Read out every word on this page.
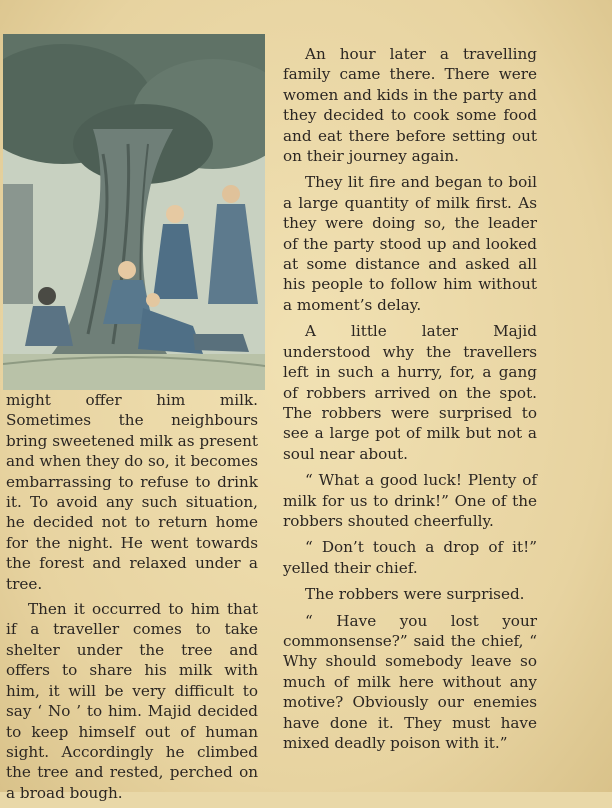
might offer him milk. Sometimes the neighbours bring sweetened milk as present and when they do so, it becomes embarrassing to refuse to drink it. To avoid any such situation, he decided not to return home for the night. He went towards the forest and relaxed under a tree.

Then it occurred to him that if a traveller comes to take shelter under the tree and offers to share his milk with him, it will be very difficult to say ‘ No ’ to him. Majid decided to keep himself out of human sight. Accordingly he climbed the tree and rested, perched on a broad bough.

An hour later a travelling family came there. There were women and kids in the party and they decided to cook some food and eat there before setting out on their journey again.

They lit fire and began to boil a large quantity of milk first. As they were doing so, the leader of the party stood up and looked at some distance and asked all his people to follow him without a moment’s delay.

A little later Majid understood why the travellers left in such a hurry, for, a gang of robbers arrived on the spot. The robbers were surprised to see a large pot of milk but not a soul near about.

“ What a good luck! Plenty of milk for us to drink!” One of the robbers shouted cheerfully.

“ Don’t touch a drop of it!” yelled their chief.

The robbers were surprised.

“ Have you lost your commonsense?” said the chief, “ Why should somebody leave so much of milk here without any motive? Obviously our enemies have done it. They must have mixed deadly poison with it.”
